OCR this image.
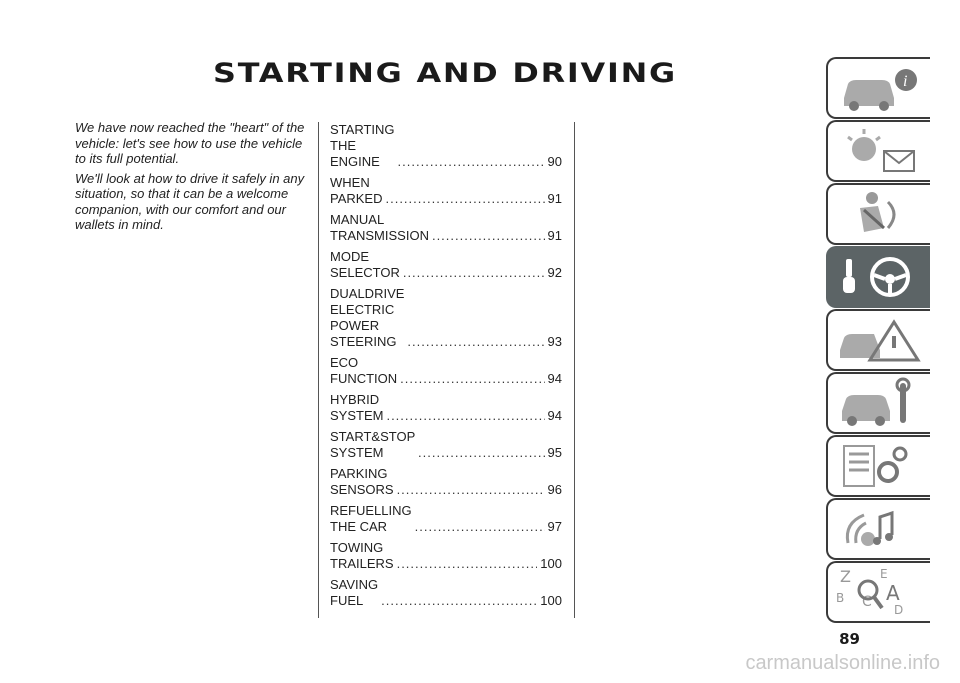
STARTING AND DRIVING

We have now reached the "heart" of the vehicle: let's see how to use the vehicle to its full potential.

We'll look at how to drive it safely in any situation, so that it can be a welcome companion, with our comfort and our wallets in mind.

STARTING THE ENGINE .....	90
WHEN PARKED .....	91
MANUAL TRANSMISSION .....	91
MODE SELECTOR .....	92
DUALDRIVE ELECTRIC POWER
STEERING .....	93
ECO FUNCTION .....	94
HYBRID SYSTEM .....	94
START&STOP SYSTEM .....	95
PARKING SENSORS .....	96
REFUELLING THE CAR .....	97
TOWING TRAILERS .....	100
SAVING FUEL .....	100
i
Z E
A
B C D
89
carmanualsonline.info
